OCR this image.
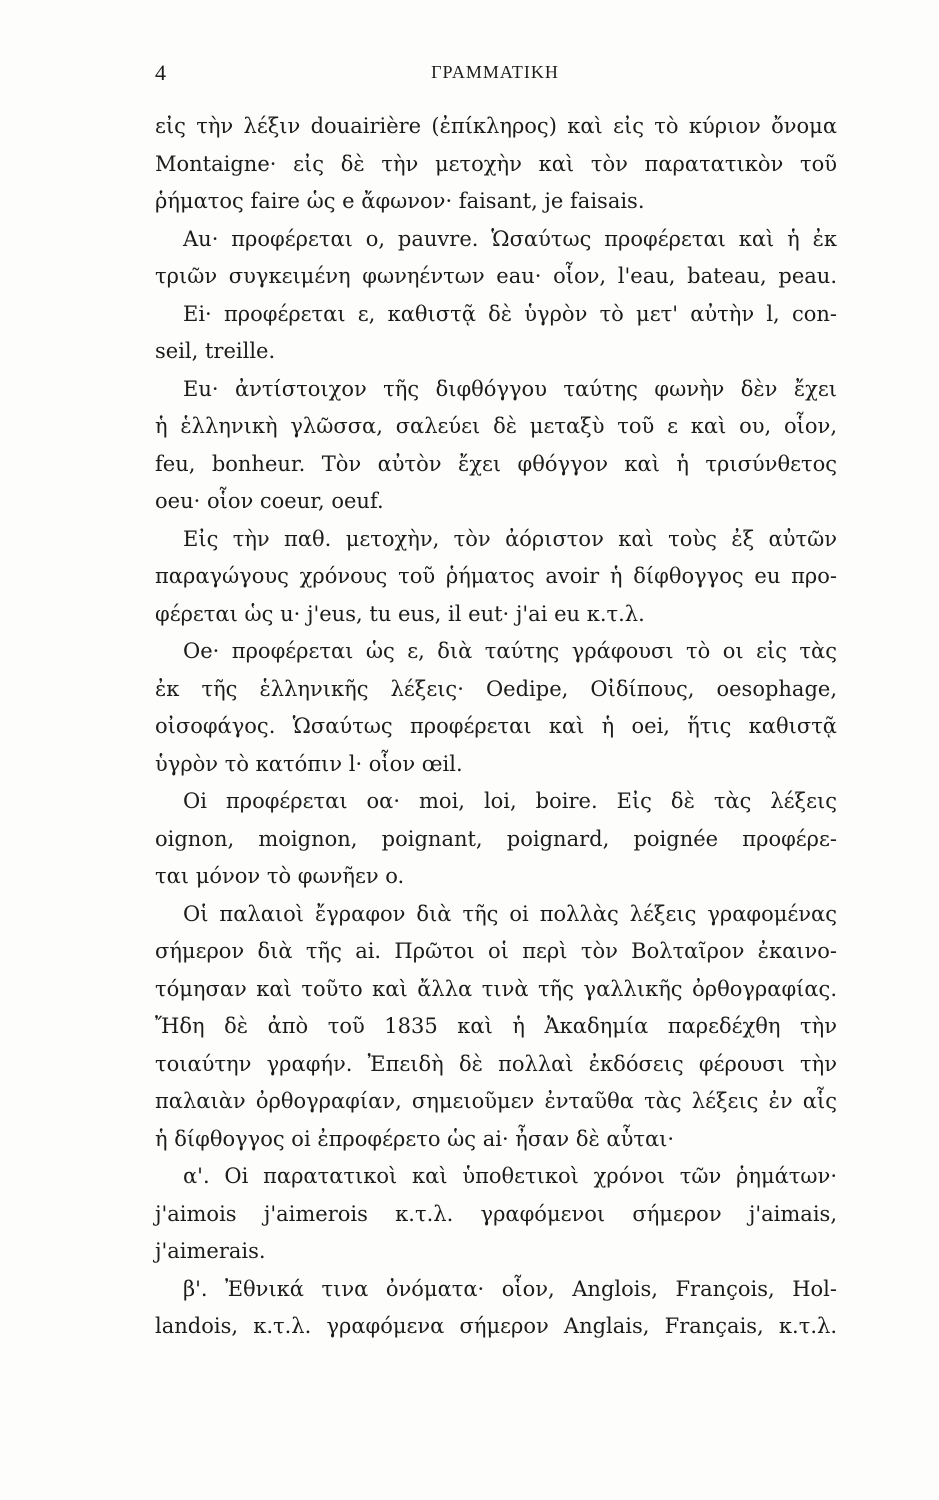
4	ΓΡΑΜΜΑΤΙΚΗ
εἰς τὴν λέξιν douairière (ἐπίκληρος) καὶ εἰς τὸ κύριον ὄνομα
Montaigne· εἰς δὲ τὴν μετοχὴν καὶ τὸν παρατατικὸν τοῦ
ῥήματος faire ὡς e ἄφωνον· faisant, je faisais.
Au· προφέρεται o, pauvre. Ὡσαύτως προφέρεται καὶ ἡ ἐκ
τριῶν συγκειμένη φωνηέντων eau· οἷον, l'eau, bateau, peau.
Ei· προφέρεται ε, καθιστᾷ δὲ ὑγρὸν τὸ μετ' αὐτὴν l, con-
seil, treille.
Eu· ἀντίστοιχον τῆς διφθόγγου ταύτης φωνὴν δὲν ἔχει
ἡ ἑλληνικὴ γλῶσσα, σαλεύει δὲ μεταξὺ τοῦ ε καὶ ου, οἷον,
feu, bonheur. Τὸν αὐτὸν ἔχει φθόγγον καὶ ἡ τρισύνθετος
oeu· οἷον coeur, oeuf.
Εἰς τὴν παθ. μετοχὴν, τὸν ἀόριστον καὶ τοὺς ἐξ αὐτῶν
παραγώγους χρόνους τοῦ ῥήματος avoir ἡ δίφθογγος eu προ-
φέρεται ὡς u· j'eus, tu eus, il eut· j'ai eu κ.τ.λ.
Oe· προφέρεται ὡς ε, διὰ ταύτης γράφουσι τὸ οι εἰς τὰς
ἐκ τῆς ἑλληνικῆς λέξεις· Oedipe, Οἰδίπους, oesophage,
οἰσοφάγος. Ὡσαύτως προφέρεται καὶ ἡ oei, ἥτις καθιστᾷ
ὑγρὸν τὸ κατόπιν l· οἷον œil.
Oi προφέρεται οα· moi, loi, boire. Εἰς δὲ τὰς λέξεις
oignon, moignon, poignant, poignard, poignée προφέρε-
ται μόνον τὸ φωνῆεν o.
Οἱ παλαιοὶ ἔγραφον διὰ τῆς oi πολλὰς λέξεις γραφομένας
σήμερον διὰ τῆς ai. Πρῶτοι οἱ περὶ τὸν Βολταῖρον ἐκαινο-
τόμησαν καὶ τοῦτο καὶ ἄλλα τινὰ τῆς γαλλικῆς ὀρθογραφίας.
Ἤδη δὲ ἀπὸ τοῦ 1835 καὶ ἡ Ἀκαδημία παρεδέχθη τὴν
τοιαύτην γραφήν. Ἐπειδὴ δὲ πολλαὶ ἐκδόσεις φέρουσι τὴν
παλαιὰν ὀρθογραφίαν, σημειοῦμεν ἐνταῦθα τὰς λέξεις ἐν αἷς
ἡ δίφθογγος oi ἐπροφέρετο ὡς ai· ἦσαν δὲ αὗται·
α'. Oi παρατατικοὶ καὶ ὑποθετικοὶ χρόνοι τῶν ῥημάτων·
j'aimois j'aimerois κ.τ.λ. γραφόμενοι σήμερον j'aimais,
j'aimerais.
β'. Ἐθνικά τινα ὀνόματα· οἷον, Anglois, François, Hol-
landois, κ.τ.λ. γραφόμενα σήμερον Anglais, Français, κ.τ.λ.
